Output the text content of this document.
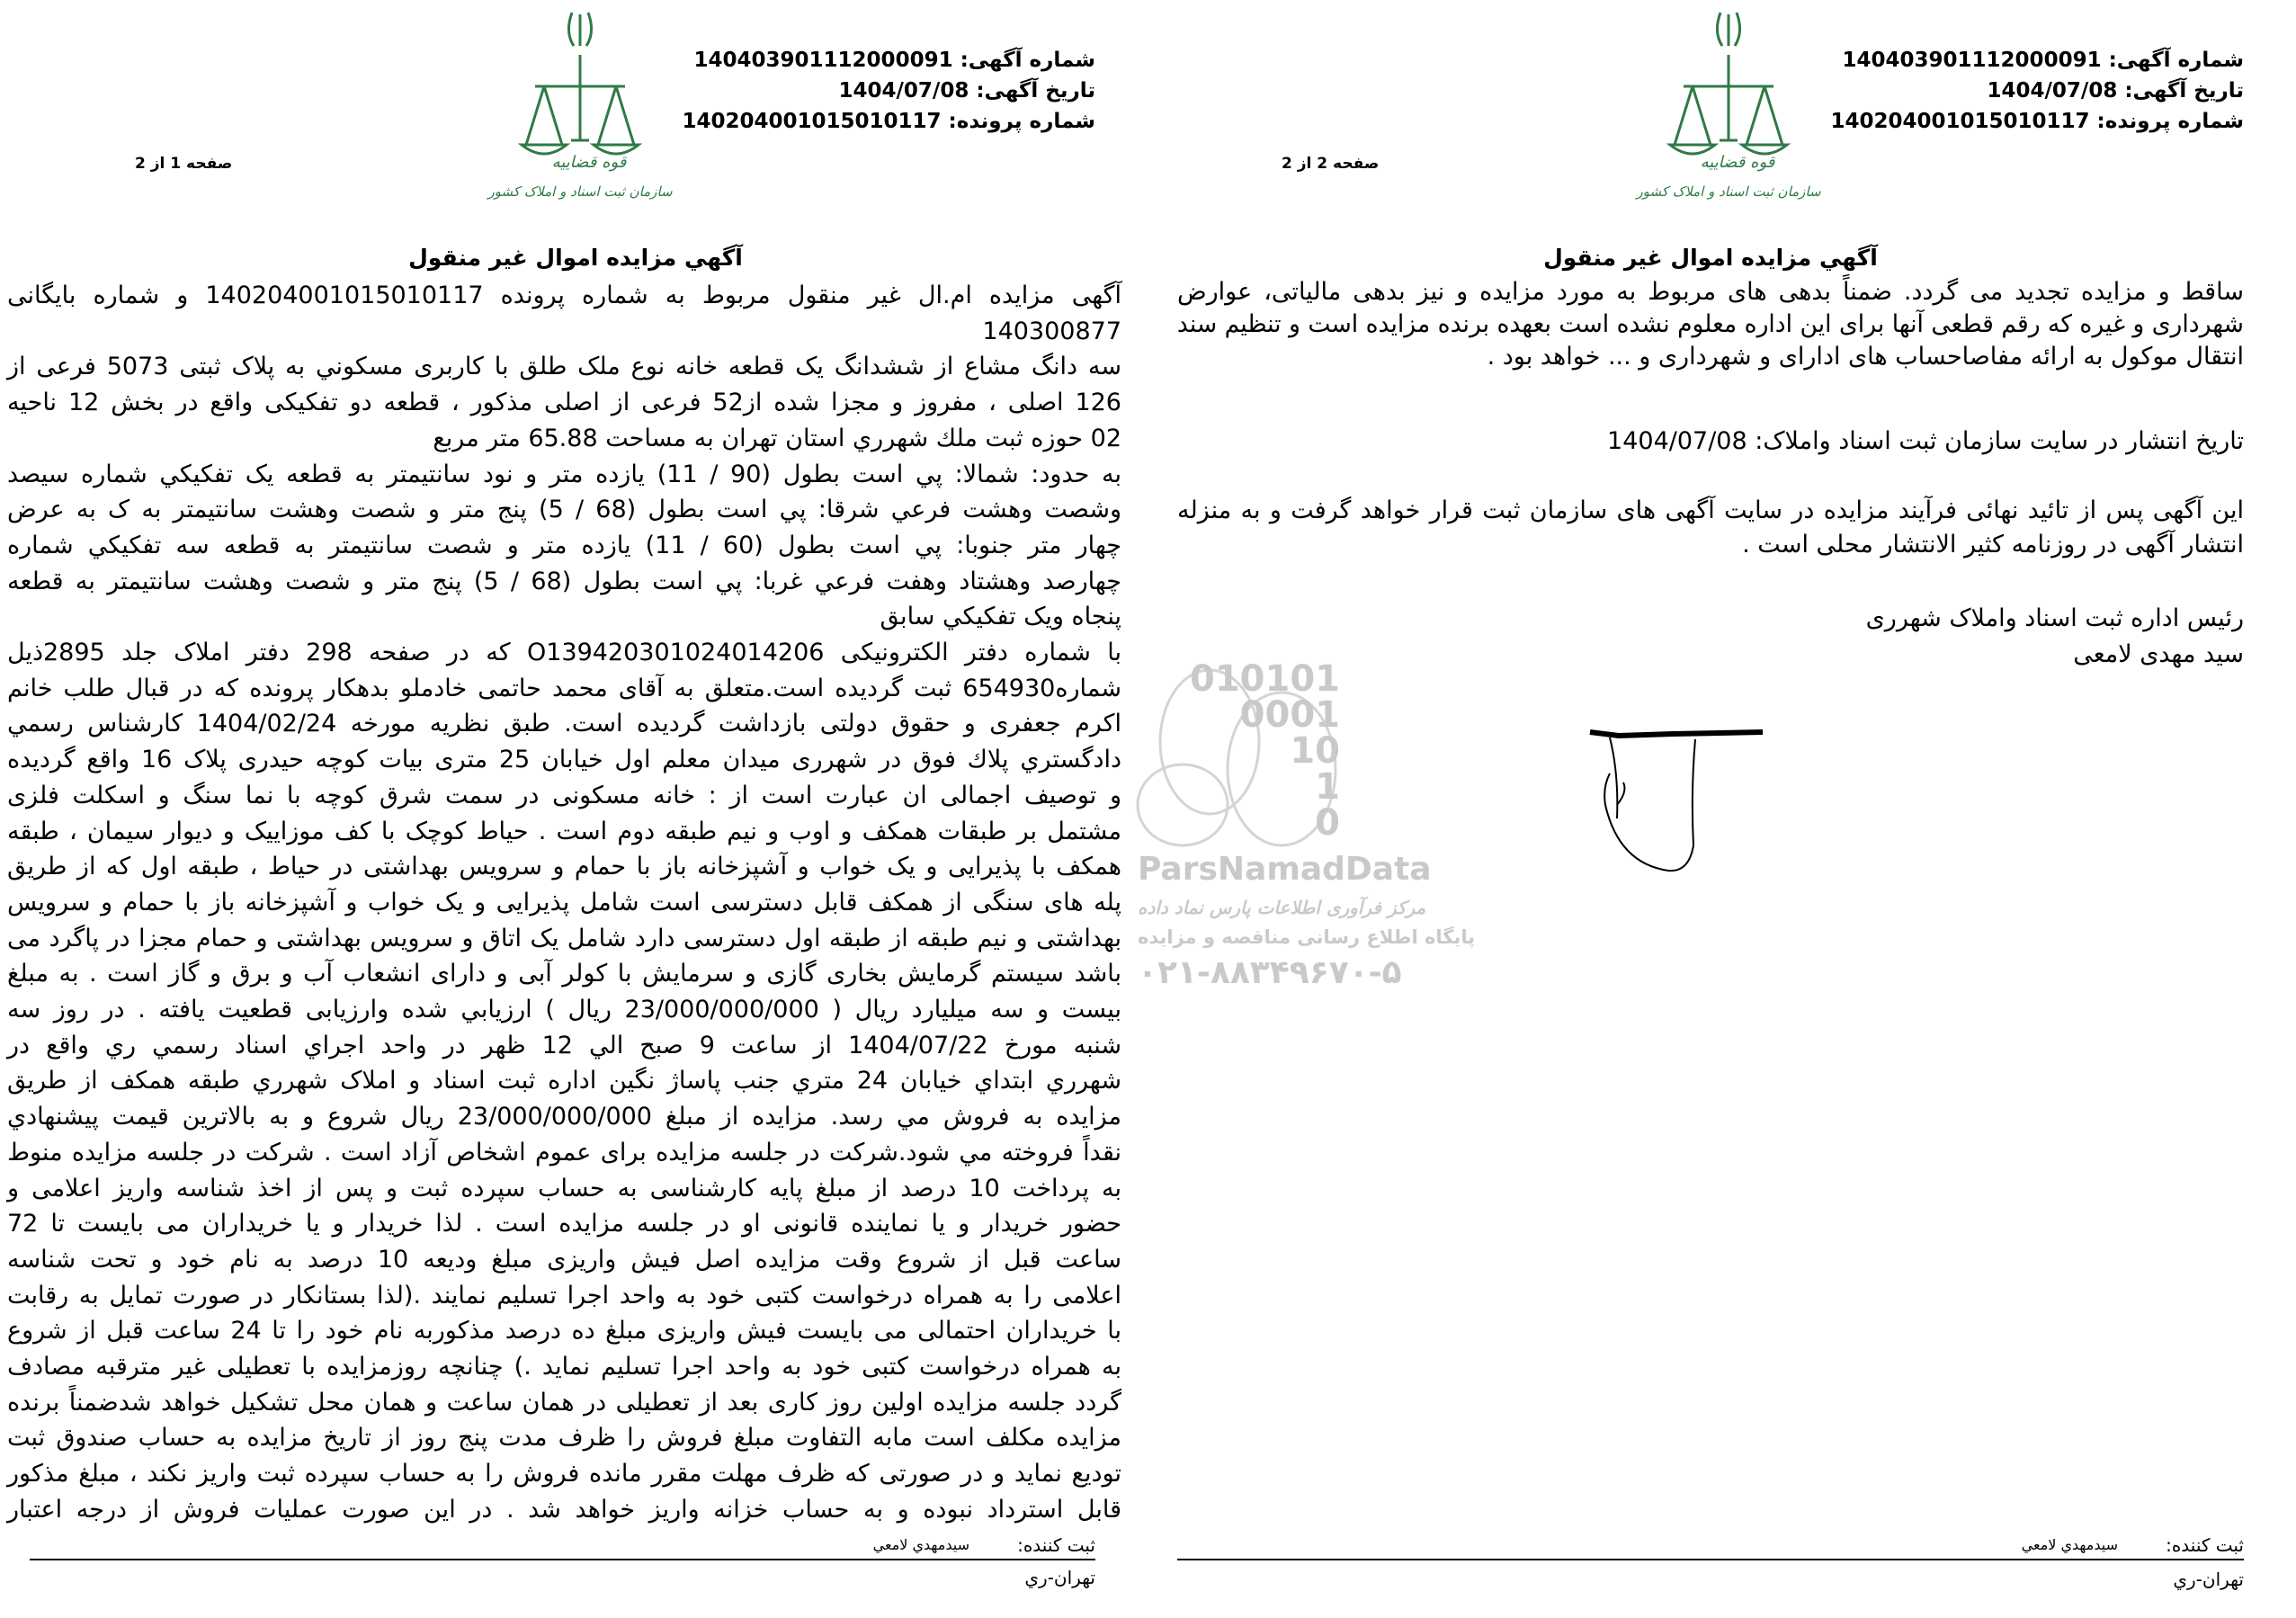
شماره آگهی: 140403901112000091
تاریخ آگهی: 1404/07/08
شماره پرونده: 140204001015010117
قوه قضاییه
سازمان ثبت اسناد و املاک کشور
صفحه 1 از 2
آگهي مزايده اموال غير منقول
آگهی مزایده ام.ال غیر منقول مربوط به شماره پرونده 140204001015010117 و شماره بایگانی
140300877
سه دانگ مشاع از ششدانگ یک قطعه خانه نوع ملک طلق با کاربری مسکوني به پلاک ثبتی 5073 فرعی از
126 اصلی ، مفروز و مجزا شده از52 فرعی از اصلی مذکور ، قطعه دو تفکیکی واقع در بخش 12 ناحیه
02 حوزه ثبت ملك شهرري استان تهران به مساحت 65.88 متر مربع
به حدود: شمالا: پي است بطول (90 / 11) یازده متر و نود سانتیمتر به قطعه یک تفكيكي شماره سیصد
وشصت وهشت فرعي شرقا: پي است بطول (68 / 5) پنج متر و شصت وهشت سانتیمتر به ک به عرض
چهار متر جنوبا: پي است بطول (60 / 11) یازده متر و شصت سانتیمتر به قطعه سه تفكيكي شماره
چهارصد وهشتاد وهفت فرعي غربا: پي است بطول (68 / 5) پنج متر و شصت وهشت سانتیمتر به قطعه
پنجاه ویک تفكيكي سابق
با شماره دفتر الکترونیکی O139420301024014206 که در صفحه 298 دفتر املاک جلد 2895ذیل
شماره654930 ثبت گردیده است.متعلق به آقای محمد حاتمی خادملو بدهکار پرونده که در قبال طلب خانم
اکرم جعفری و حقوق دولتی بازداشت گردیده است. طبق نظریه مورخه 1404/02/24 کارشناس رسمي
دادگستري پلاك فوق در شهرری میدان معلم اول خیابان 25 متری بیات کوچه حیدری پلاک 16 واقع گردیده
و توصیف اجمالی ان عبارت است از : خانه مسکونی در سمت شرق کوچه با نما سنگ و اسکلت فلزی
مشتمل بر طبقات همکف و اوب و نیم طبقه دوم است . حیاط کوچک با کف موزاییک و دیوار سیمان ، طبقه
همکف با پذیرایی و یک خواب و آشپزخانه باز با حمام و سرویس بهداشتی در حیاط ، طبقه اول که از طریق
پله های سنگی از همکف قابل دسترسی است شامل پذیرایی و یک خواب و آشپزخانه باز با حمام و سرویس
بهداشتی و نیم طبقه از طبقه اول دسترسی دارد شامل یک اتاق و سرویس بهداشتی و حمام مجزا در پاگرد می
باشد سیستم گرمایش بخاری گازی و سرمایش با کولر آبی و دارای انشعاب آب و برق و گاز است . به مبلغ
بیست و سه میلیارد ریال ( 23/000/000/000 ریال ) ارزیابي شده وارزیابی قطعیت یافته . در روز سه
شنبه مورخ 1404/07/22 از ساعت 9 صبح الي 12 ظهر در واحد اجراي اسناد رسمي ري واقع در
شهرري ابتداي خیابان 24 متري جنب پاساژ نگین اداره ثبت اسناد و املاک شهرري طبقه همکف از طریق
مزایده به فروش مي رسد. مزایده از مبلغ 23/000/000/000 ریال شروع و به بالاترین قیمت پیشنهادي
نقداً فروخته مي شود.شرکت در جلسه مزایده برای عموم اشخاص آزاد است . شرکت در جلسه مزایده منوط
به پرداخت 10 درصد از مبلغ پایه کارشناسی به حساب سپرده ثبت و پس از اخذ شناسه واریز اعلامی و
حضور خریدار و یا نماینده قانونی او در جلسه مزایده است . لذا خریدار و یا خریداران می بایست تا 72
ساعت قبل از شروع وقت مزایده اصل فیش واریزی مبلغ ودیعه 10 درصد به نام خود و تحت شناسه
اعلامی را به همراه درخواست کتبی خود به واحد اجرا تسلیم نمایند .(لذا بستانکار در صورت تمایل به رقابت
با خریداران احتمالی می بایست فیش واریزی مبلغ ده درصد مذکوربه نام خود را تا 24 ساعت قبل از شروع
به همراه درخواست کتبی خود به واحد اجرا تسلیم نماید .) چنانچه روزمزایده با تعطیلی غیر مترقبه مصادف
گردد جلسه مزایده اولین روز کاری بعد از تعطیلی در همان ساعت و همان محل تشکیل خواهد شدضمناً برنده
مزایده مکلف است مابه التفاوت مبلغ فروش را ظرف مدت پنج روز از تاریخ مزایده به حساب صندوق ثبت
تودیع نماید و در صورتی که ظرف مهلت مقرر مانده فروش را به حساب سپرده ثبت واریز نکند ، مبلغ مذکور
قابل استرداد نبوده و به حساب خزانه واریز خواهد شد . در این صورت عملیات فروش از درجه اعتبار
ثبت کننده:
سیدمهدي لامعي
تهران-ري
010101
0001
10
1
0
ParsNamadData
مرکز فرآوری اطلاعات پارس نماد داده
پایگاه اطلاع رسانی مناقصه و مزایده
۰۲۱-۸۸۳۴۹۶۷۰-۵
شماره آگهی: 140403901112000091
تاریخ آگهی: 1404/07/08
شماره پرونده: 140204001015010117
قوه قضاییه
سازمان ثبت اسناد و املاک کشور
صفحه 2 از 2
آگهي مزايده اموال غير منقول
ساقط و مزایده تجدید می گردد. ضمناً بدهی های مربوط به مورد مزایده و نیز بدهی مالیاتی، عوارض
شهرداری و غیره که رقم قطعی آنها برای این اداره معلوم نشده است بعهده برنده مزایده است و تنظیم سند
انتقال موکول به ارائه مفاصاحساب های ادارای و شهرداری و ... خواهد بود .
تاریخ انتشار در سایت سازمان ثبت اسناد واملاک: 1404/07/08
این آگهی پس از تائید نهائی فرآیند مزایده در سایت آگهی های سازمان ثبت قرار خواهد گرفت و به منزله
انتشار آگهی در روزنامه کثیر الانتشار محلی است .
رئیس اداره ثبت اسناد واملاک شهرری
سید مهدی لامعی
ثبت کننده:
سیدمهدي لامعي
تهران-ري
